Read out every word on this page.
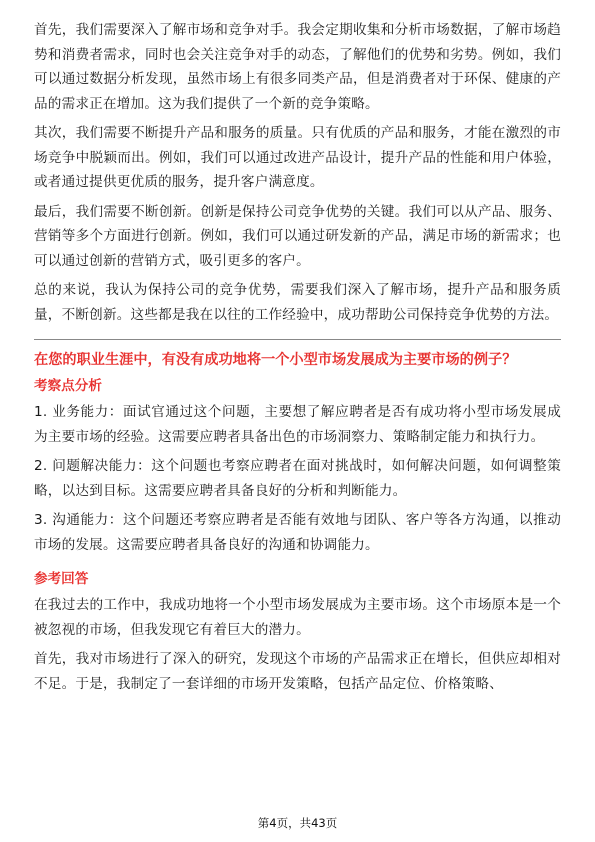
首先，我们需要深入了解市场和竞争对手。我会定期收集和分析市场数据，了解市场趋势和消费者需求，同时也会关注竞争对手的动态，了解他们的优势和劣势。例如，我们可以通过数据分析发现，虽然市场上有很多同类产品，但是消费者对于环保、健康的产品的需求正在增加。这为我们提供了一个新的竞争策略。

其次，我们需要不断提升产品和服务的质量。只有优质的产品和服务，才能在激烈的市场竞争中脱颖而出。例如，我们可以通过改进产品设计，提升产品的性能和用户体验，或者通过提供更优质的服务，提升客户满意度。

最后，我们需要不断创新。创新是保持公司竞争优势的关键。我们可以从产品、服务、营销等多个方面进行创新。例如，我们可以通过研发新的产品，满足市场的新需求；也可以通过创新的营销方式，吸引更多的客户。

总的来说，我认为保持公司的竞争优势，需要我们深入了解市场，提升产品和服务质量，不断创新。这些都是我在以往的工作经验中，成功帮助公司保持竞争优势的方法。

在您的职业生涯中，有没有成功地将一个小型市场发展成为主要市场的例子？
考察点分析

1. 业务能力：面试官通过这个问题，主要想了解应聘者是否有成功将小型市场发展成为主要市场的经验。这需要应聘者具备出色的市场洞察力、策略制定能力和执行力。

2. 问题解决能力：这个问题也考察应聘者在面对挑战时，如何解决问题，如何调整策略，以达到目标。这需要应聘者具备良好的分析和判断能力。

3. 沟通能力：这个问题还考察应聘者是否能有效地与团队、客户等各方沟通，以推动市场的发展。这需要应聘者具备良好的沟通和协调能力。

参考回答

在我过去的工作中，我成功地将一个小型市场发展成为主要市场。这个市场原本是一个被忽视的市场，但我发现它有着巨大的潜力。

首先，我对市场进行了深入的研究，发现这个市场的产品需求正在增长，但供应却相对不足。于是，我制定了一套详细的市场开发策略，包括产品定位、价格策略、

第4页，共43页
